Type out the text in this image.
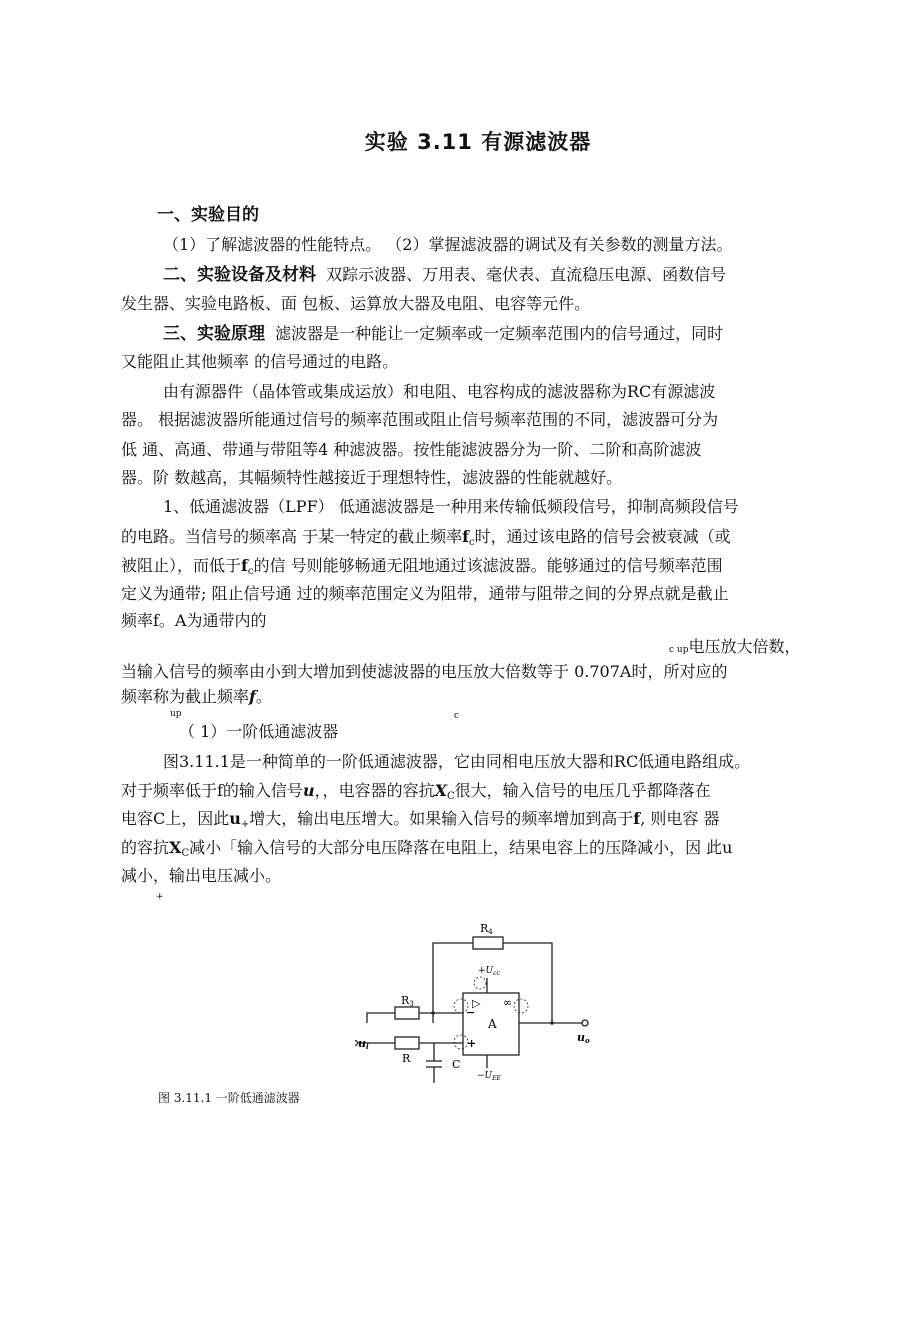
实验 3.11 有源滤波器
一、实验目的
（1）了解滤波器的性能特点。 （2）掌握滤波器的调试及有关参数的测量方法。
二、实验设备及材料 双踪示波器、万用表、毫伏表、直流稳压电源、函数信号
发生器、实验电路板、面 包板、运算放大器及电阻、电容等元件。
三、实验原理 滤波器是一种能让一定频率或一定频率范围内的信号通过，同时
又能阻止其他频率 的信号通过的电路。
由有源器件（晶体管或集成运放）和电阻、电容构成的滤波器称为RC有源滤波
器。 根据滤波器所能通过信号的频率范围或阻止信号频率范围的不同，滤波器可分为
低 通、高通、带通与带阻等4 种滤波器。按性能滤波器分为一阶、二阶和高阶滤波
器。阶 数越高，其幅频特性越接近于理想特性，滤波器的性能就越好。
1、低通滤波器（LPF） 低通滤波器是一种用来传输低频段信号，抑制高频段信号
的电路。当信号的频率高 于某一特定的截止频率$f_c$时，通过该电路的信号会被衰减（或
被阻止），而低于$f_c$的信 号则能够畅通无阻地通过该滤波器。能够通过的信号频率范围
定义为通带; 阻止信号通 过的频率范围定义为阻带，通带与阻带之间的分界点就是截止
频率f。A为通带内的
c up电压放大倍数，
当输入信号的频率由小到大增加到使滤波器的电压放大倍数等于 0.707A时，所对应的
频率称为截止频率f。
up	c
（ 1）一阶低通滤波器
图3.11.1是一种简单的一阶低通滤波器，它由同相电压放大器和RC低通电路组成。
对于频率低于f的输入信号u，，电容器的容抗$X_C$很大，输入信号的电压几乎都降落在
电容C上，因此$u_+$增大，输出电压增大。如果输入信号的频率增加到高于f, 则电容 器
的容抗$X_C$减小「输入信号的大部分电压降落在电阻上，结果电容上的压降减小，因 此u
减小，输出电压减小。
+
R4
R3
R	C
A
∞
▷
−
+
$+U_{cc}$
$-U_{EE}$
ui
uo
图 3.11.1 一阶低通滤波器
